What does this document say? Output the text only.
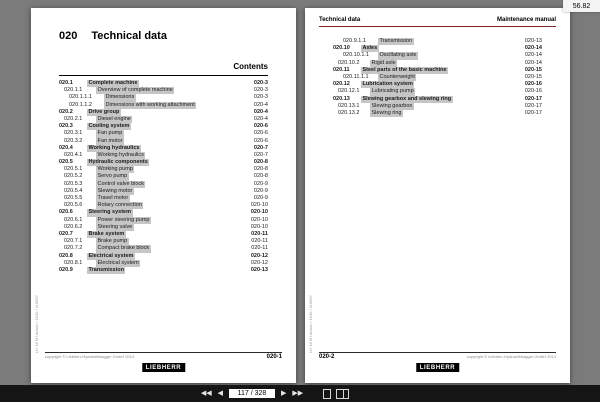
020 Technical data
Contents
020.1	Complete machine	020-3
020.1.1	Overview of complete machine	020-3
020.1.1.1	Dimensions	020-3
020.1.1.2	Dimensions with working attachment	020-4
020.2	Drive group	020-4
020.2.1	Diesel engine	020-4
020.3	Cooling system	020-6
020.3.1	Fan pump	020-6
020.3.2	Fan motor	020-6
020.4	Working hydraulics	020-7
020.4.1	Working hydraulics	020-7
020.5	Hydraulic components	020-8
020.5.1	Working pump	020-8
020.5.2	Servo pump	020-8
020.5.3	Control valve block	020-9
020.5.4	Slewing motor	020-9
020.5.5	Travel motor	020-9
020.5.6	Rotary connection	020-10
020.6	Steering system	020-10
020.6.1	Power steering pump	020-10
020.6.2	Steering valve	020-10
020.7	Brake system	020-11
020.7.1	Brake pump	020-11
020.7.2	Compact brake block	020-11
020.8	Electrical system	020-12
020.8.1	Electrical system	020-12
020.9	Transmission	020-13
LH 18 M Litronic / 1640 / 110662
copyright © Liebherr-Hydraulikbagger GmbH 2014	020-1
LIEBHERR
Technical data	Maintenance manual
020.9.1.1	Transmission	020-13
020.10	Axles	020-14
020.10.1.1	Oscillating axle	020-14
020.10.2	Rigid axle	020-14
020.11	Steel parts of the basic machine	020-15
020.11.1.1	Counterweight	020-15
020.12	Lubrication system	020-16
020.12.1	Lubricating pump	020-16
020.13	Slewing gearbox and slewing ring	020-17
020.13.1	Slewing gearbox	020-17
020.13.2	Slewing ring	020-17
LH 18 M Litronic / 1640 / 110662
020-2	copyright © Liebherr-Hydraulikbagger GmbH 2014
LIEBHERR
56.82
◀◀ ◀	117 / 328	▶ ▶▶
